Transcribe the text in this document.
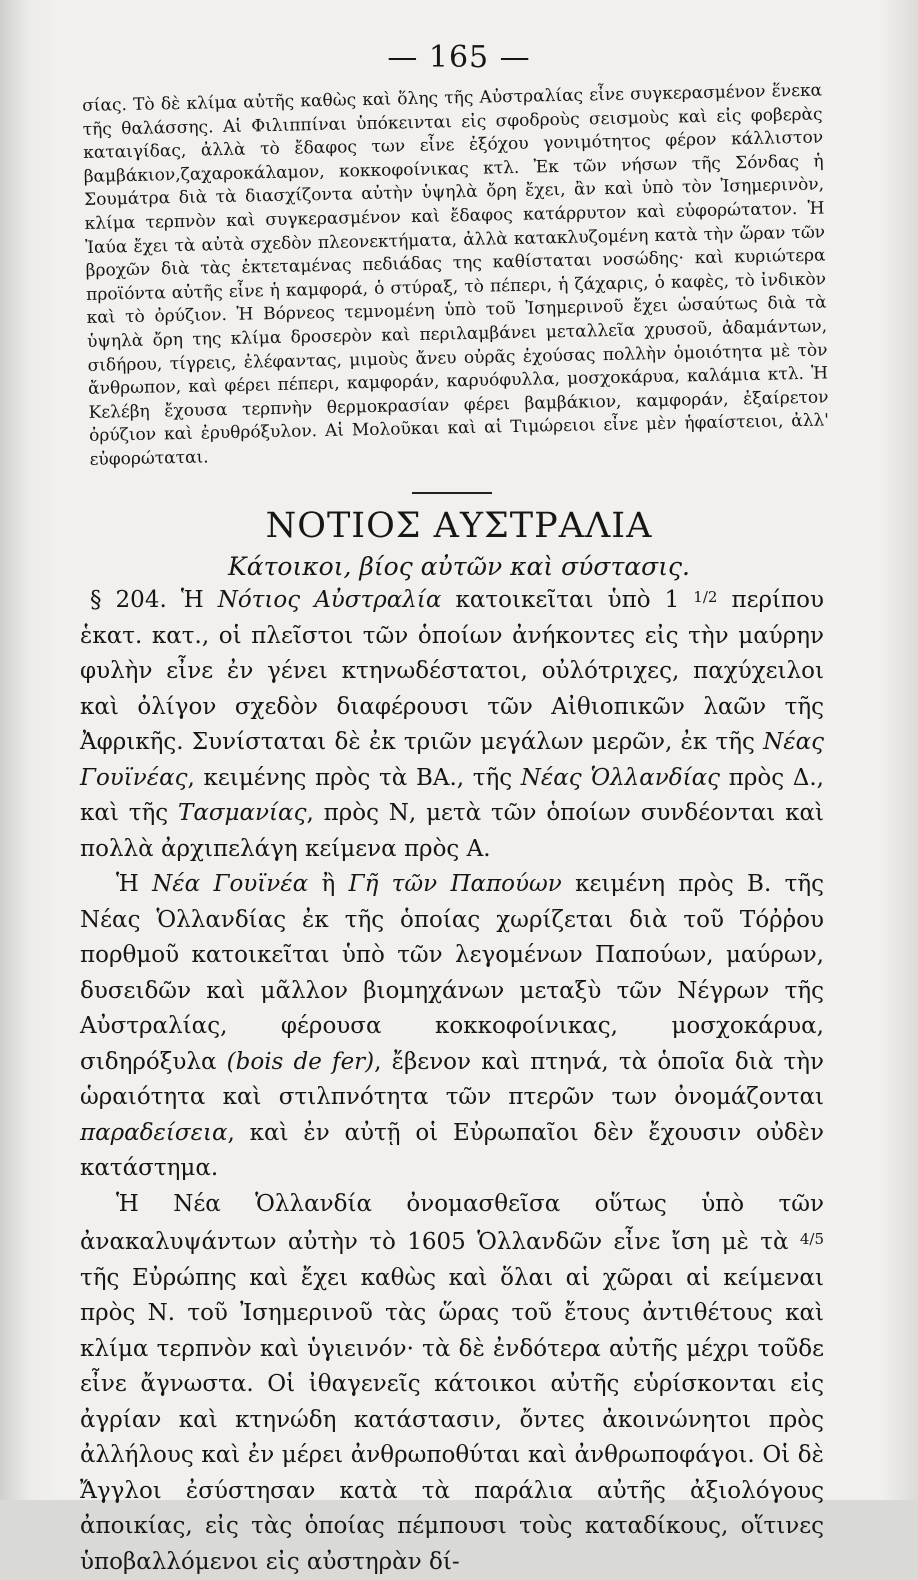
— 165 —

σίας. Τὸ δὲ κλίμα αὐτῆς καθὼς καὶ ὅλης τῆς Αὐστραλίας εἶνε συγκερασμένον ἕνεκα τῆς θαλάσσης. Αἱ Φιλιππίναι ὑπόκεινται εἰς σφοδροὺς σεισμοὺς καὶ εἰς φοβερὰς καταιγίδας, ἀλλὰ τὸ ἔδαφος των εἶνε ἐξόχου γονιμότητος φέρον κάλλιστον βαμβάκιον,ζαχαροκάλαμον, κοκκοφοίνικας κτλ. Ἐκ τῶν νήσων τῆς Σόνδας ἡ Σουμάτρα διὰ τὰ διασχίζοντα αὐτὴν ὑψηλὰ ὄρη ἔχει, ἂν καὶ ὑπὸ τὸν Ἰσημερινὸν, κλίμα τερπνὸν καὶ συγκερασμένον καὶ ἔδαφος κατάρρυτον καὶ εὐφορώτατον. Ἡ Ἰαύα ἔχει τὰ αὐτὰ σχεδὸν πλεονεκτήματα, ἀλλὰ κατακλυζομένη κατὰ τὴν ὥραν τῶν βροχῶν διὰ τὰς ἐκτεταμένας πεδιάδας της καθίσταται νοσώδης· καὶ κυριώτερα προϊόντα αὐτῆς εἶνε ἡ καμφορά, ὁ στύραξ, τὸ πέπερι, ἡ ζάχαρις, ὁ καφὲς, τὸ ἰνδικὸν καὶ τὸ ὀρύζιον. Ἡ Βόρνεος τεμνομένη ὑπὸ τοῦ Ἰσημερινοῦ ἔχει ὡσαύτως διὰ τὰ ὑψηλὰ ὄρη της κλίμα δροσερὸν καὶ περιλαμβάνει μεταλλεῖα χρυσοῦ, ἀδαμάντων, σιδήρου, τίγρεις, ἐλέφαντας, μιμοὺς ἄνευ οὐρᾶς ἐχούσας πολλὴν ὁμοιότητα μὲ τὸν ἄνθρωπον, καὶ φέρει πέπερι, καμφοράν, καρυόφυλλα, μοσχοκάρυα, καλάμια κτλ. Ἡ Κελέβη ἔχουσα τερπνὴν θερμοκρασίαν φέρει βαμβάκιον, καμφοράν, ἐξαίρετον ὀρύζιον καὶ ἐρυθρόξυλον. Αἱ Μολοῦκαι καὶ αἱ Τιμώρειοι εἶνε μὲν ἡφαίστειοι, ἀλλ' εὐφορώταται.

ΝΟΤΙΟΣ ΑΥΣΤΡΑΛΙΑ
Κάτοικοι, βίος αὐτῶν καὶ σύστασις.

§ 204. Ἡ Νότιος Αὐστραλία κατοικεῖται ὑπὸ 1 $^{1/2}$ περίπου ἑκατ. κατ., οἱ πλεῖστοι τῶν ὁποίων ἀνήκοντες εἰς τὴν μαύρην φυλὴν εἶνε ἐν γένει κτηνωδέστατοι, οὐλότριχες, παχύχειλοι καὶ ὀλίγον σχεδὸν διαφέρουσι τῶν Αἰθιοπικῶν λαῶν τῆς Ἀφρικῆς. Συνίσταται δὲ ἐκ τριῶν μεγάλων μερῶν, ἐκ τῆς Νέας Γουϊνέας, κειμένης πρὸς τὰ ΒΑ., τῆς Νέας Ὁλλανδίας πρὸς Δ., καὶ τῆς Τασμανίας, πρὸς Ν, μετὰ τῶν ὁποίων συνδέονται καὶ πολλὰ ἀρχιπελάγη κείμενα πρὸς Α.

Ἡ Νέα Γουϊνέα ἢ Γῆ τῶν Παπούων κειμένη πρὸς Β. τῆς Νέας Ὁλλανδίας ἐκ τῆς ὁποίας χωρίζεται διὰ τοῦ Τόῤῥου πορθμοῦ κατοικεῖται ὑπὸ τῶν λεγομένων Παπούων, μαύρων, δυσειδῶν καὶ μᾶλλον βιομηχάνων μεταξὺ τῶν Νέγρων τῆς Αὐστραλίας, φέρουσα κοκκοφοίνικας, μοσχοκάρυα, σιδηρόξυλα (bois de fer), ἔβενον καὶ πτηνά, τὰ ὁποῖα διὰ τὴν ὡραιότητα καὶ στιλπνότητα τῶν πτερῶν των ὀνομάζονται παραδείσεια, καὶ ἐν αὐτῇ οἱ Εὐρωπαῖοι δὲν ἔχουσιν οὐδὲν κατάστημα.

Ἡ Νέα Ὁλλανδία ὀνομασθεῖσα οὕτως ὑπὸ τῶν ἀνακαλυψάντων αὐτὴν τὸ 1605 Ὁλλανδῶν εἶνε ἴση μὲ τὰ $^{4/5}$ τῆς Εὐρώπης καὶ ἔχει καθὼς καὶ ὅλαι αἱ χῶραι αἱ κείμεναι πρὸς Ν. τοῦ Ἰσημερινοῦ τὰς ὥρας τοῦ ἔτους ἀντιθέτους καὶ κλίμα τερπνὸν καὶ ὑγιεινόν· τὰ δὲ ἐνδότερα αὐτῆς μέχρι τοῦδε εἶνε ἄγνωστα. Οἱ ἰθαγενεῖς κάτοικοι αὐτῆς εὑρίσκονται εἰς ἀγρίαν καὶ κτηνώδη κατάστασιν, ὄντες ἀκοινώνητοι πρὸς ἀλλήλους καὶ ἐν μέρει ἀνθρωποθύται καὶ ἀνθρωποφάγοι. Οἱ δὲ Ἄγγλοι ἐσύστησαν κατὰ τὰ παράλια αὐτῆς ἀξιολόγους ἀποικίας, εἰς τὰς ὁποίας πέμπουσι τοὺς καταδίκους, οἵτινες ὑποβαλλόμενοι εἰς αὐστηρὰν δί-
